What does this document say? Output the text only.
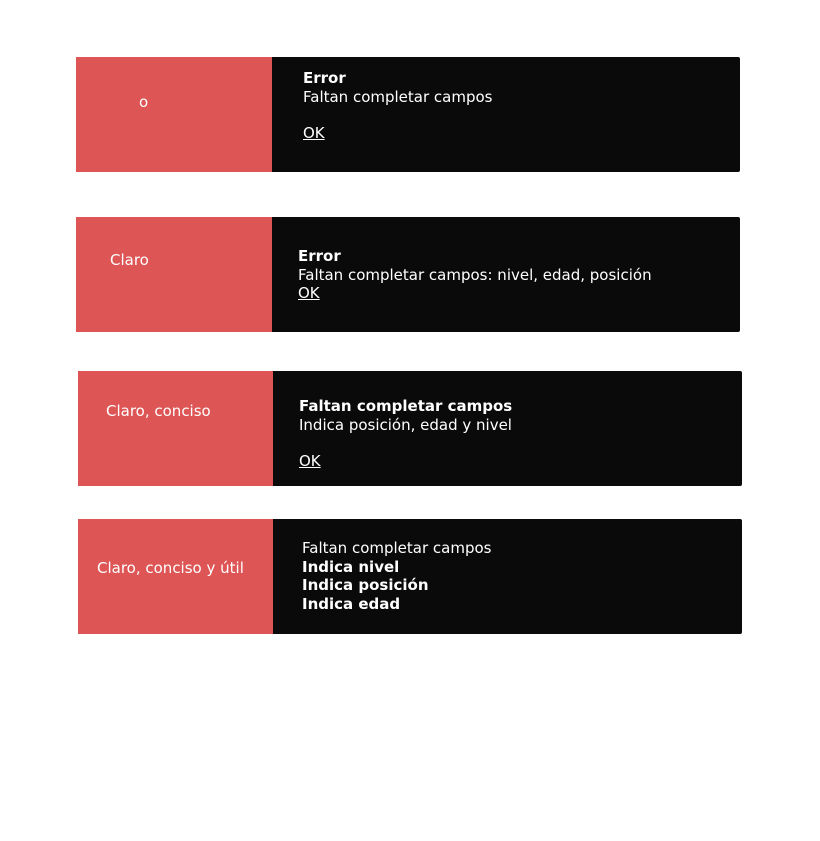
o
Error
Faltan completar campos
OK
Claro	Error
Faltan completar campos: nivel, edad, posición
OK
Claro, conciso	Faltan completar campos
Indica posición, edad y nivel
OK
Claro, conciso y útil
Faltan completar campos
Indica nivel
Indica posición
Indica edad
